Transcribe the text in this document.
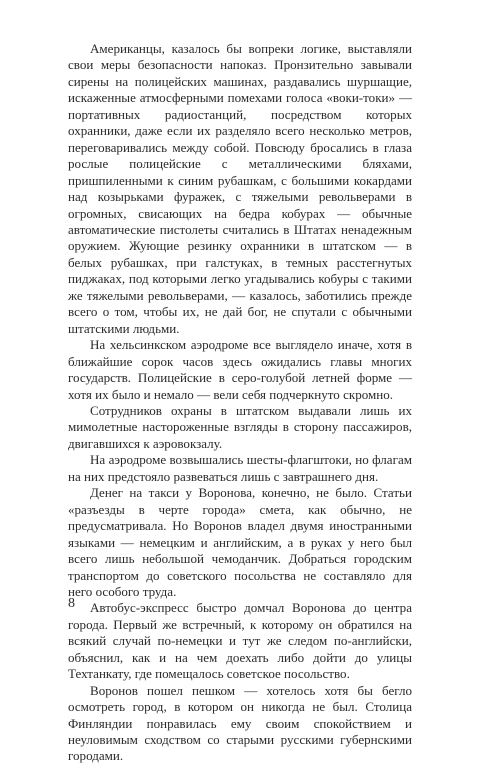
Американцы, казалось бы вопреки логике, выставляли свои меры безопасности напоказ. Пронзительно завывали сирены на полицейских машинах, раздавались шуршащие, искаженные атмосферными помехами голоса «воки-токи» — портативных радиостанций, посредством которых охранники, даже если их разделяло всего несколько метров, переговаривались между собой. Повсюду бросались в глаза рослые полицейские с металлическими бляхами, пришпиленными к синим рубашкам, с большими кокардами над козырьками фуражек, с тяжелыми револьверами в огромных, свисающих на бедра кобурах — обычные автоматические пистолеты считались в Штатах ненадежным оружием. Жующие резинку охранники в штатском — в белых рубашках, при галстуках, в темных расстегнутых пиджаках, под которыми легко угадывались кобуры с такими же тяжелыми револьверами, — казалось, заботились прежде всего о том, чтобы их, не дай бог, не спутали с обычными штатскими людьми.

На хельсинкском аэродроме все выглядело иначе, хотя в ближайшие сорок часов здесь ожидались главы многих государств. Полицейские в серо-голубой летней форме — хотя их было и немало — вели себя подчеркнуто скромно.

Сотрудников охраны в штатском выдавали лишь их мимолетные настороженные взгляды в сторону пассажиров, двигавшихся к аэровокзалу.

На аэродроме возвышались шесты-флагштоки, но флагам на них предстояло развеваться лишь с завтрашнего дня.

Денег на такси у Воронова, конечно, не было. Статьи «разъезды в черте города» смета, как обычно, не предусматривала. Но Воронов владел двумя иностранными языками — немецким и английским, а в руках у него был всего лишь небольшой чемоданчик. Добраться городским транспортом до советского посольства не составляло для него особого труда.

Автобус-экспресс быстро домчал Воронова до центра города. Первый же встречный, к которому он обратился на всякий случай по-немецки и тут же следом по-английски, объяснил, как и на чем доехать либо дойти до улицы Техтанкату, где помещалось советское посольство.

Воронов пошел пешком — хотелось хотя бы бегло осмотреть город, в котором он никогда не был. Столица Финляндии понравилась ему своим спокойствием и неуловимым сходством со старыми русскими губернскими городами.

8
